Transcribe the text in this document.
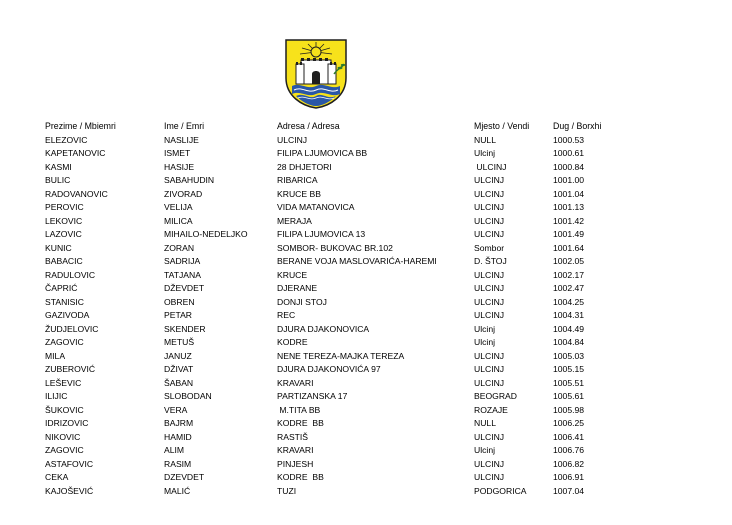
Prezime / Mbiemri	Ime / Emri	Adresa / Adresa	Mjesto / Vendi	Dug / Borxhi
ELEZOVIC	NASLIJE	ULCINJ	NULL	1000.53
KAPETANOVIC	ISMET	FILIPA LJUMOVICA BB	Ulcinj	1000.61
KASMI	HASIJE	28 DHJETORI	ULCINJ	1000.84
BULIC	SABAHUDIN	RIBARICA	ULCINJ	1001.00
RADOVANOVIC	ZIVORAD	KRUCE BB	ULCINJ	1001.04
PEROVIC	VELIJA	VIDA MATANOVICA	ULCINJ	1001.13
LEKOVIC	MILICA	MERAJA	ULCINJ	1001.42
LAZOVIC	MIHAILO-NEDELJKO	FILIPA LJUMOVICA 13	ULCINJ	1001.49
KUNIC	ZORAN	SOMBOR- BUKOVAC BR.102	Sombor	1001.64
BABACIC	SADRIJA	BERANE VOJA MASLOVARIĆA-HAREMI	D. ŠTOJ	1002.05
RADULOVIC	TATJANA	KRUCE	ULCINJ	1002.17
ČAPRIĆ	DŽEVDET	DJERANE	ULCINJ	1002.47
STANISIC	OBREN	DONJI STOJ	ULCINJ	1004.25
GAZIVODA	PETAR	REC	ULCINJ	1004.31
ŽUDJELOVIC	SKENDER	DJURA DJAKONOVICA	Ulcinj	1004.49
ZAGOVIC	METUŠ	KODRE	Ulcinj	1004.84
MILA	JANUZ	NENE TEREZA-MAJKA TEREZA	ULCINJ	1005.03
ZUBEROVIĆ	DŽIVAT	DJURA DJAKONOVIĆA 97	ULCINJ	1005.15
LEŠEVIC	ŠABAN	KRAVARI	ULCINJ	1005.51
ILIJIC	SLOBODAN	PARTIZANSKA 17	BEOGRAD	1005.61
ŠUKOVIC	VERA	M.TITA BB	ROZAJE	1005.98
IDRIZOVIC	BAJRM	KODRE  BB	NULL	1006.25
NIKOVIC	HAMID	RASTIŠ	ULCINJ	1006.41
ZAGOVIC	ALIM	KRAVARI	Ulcinj	1006.76
ASTAFOVIC	RASIM	PINJESH	ULCINJ	1006.82
CEKA	DZEVDET	KODRE  BB	ULCINJ	1006.91
KAJOŠEVIĆ	MALIĆ	TUZI	PODGORICA	1007.04
